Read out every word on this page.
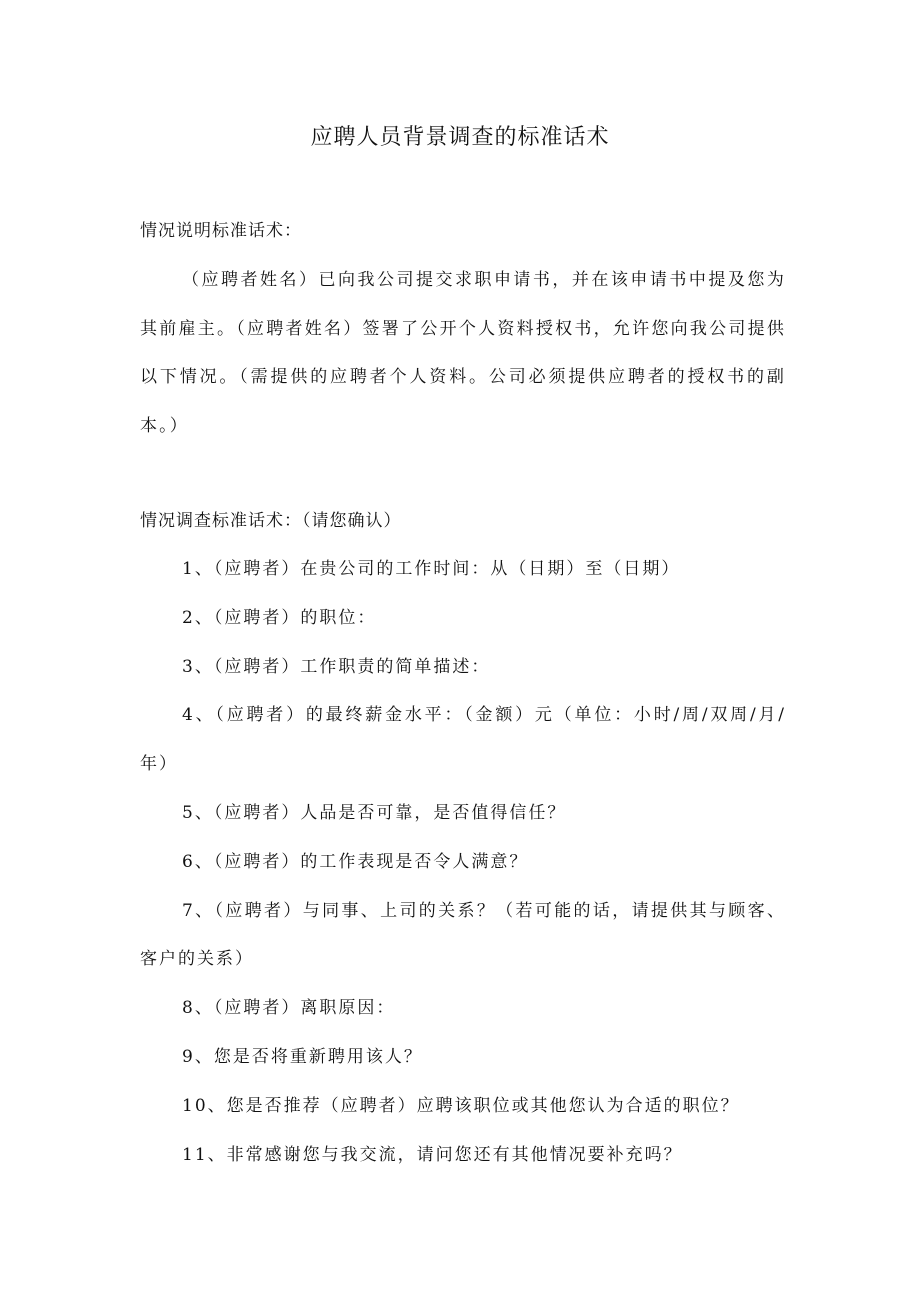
应聘人员背景调查的标准话术
情况说明标准话术：

（应聘者姓名）已向我公司提交求职申请书，并在该申请书中提及您为其前雇主。（应聘者姓名）签署了公开个人资料授权书，允许您向我公司提供以下情况。（需提供的应聘者个人资料。公司必须提供应聘者的授权书的副本。）

情况调查标准话术：（请您确认）
1、（应聘者）在贵公司的工作时间：从（日期）至（日期）
2、（应聘者）的职位：
3、（应聘者）工作职责的简单描述：
4、（应聘者）的最终薪金水平：（金额）元（单位：小时/周/双周/月/年）
5、（应聘者）人品是否可靠，是否值得信任？
6、（应聘者）的工作表现是否令人满意？
7、（应聘者）与同事、上司的关系？（若可能的话，请提供其与顾客、客户的关系）
8、（应聘者）离职原因：
9、您是否将重新聘用该人？
10、您是否推荐（应聘者）应聘该职位或其他您认为合适的职位？
11、非常感谢您与我交流，请问您还有其他情况要补充吗？
